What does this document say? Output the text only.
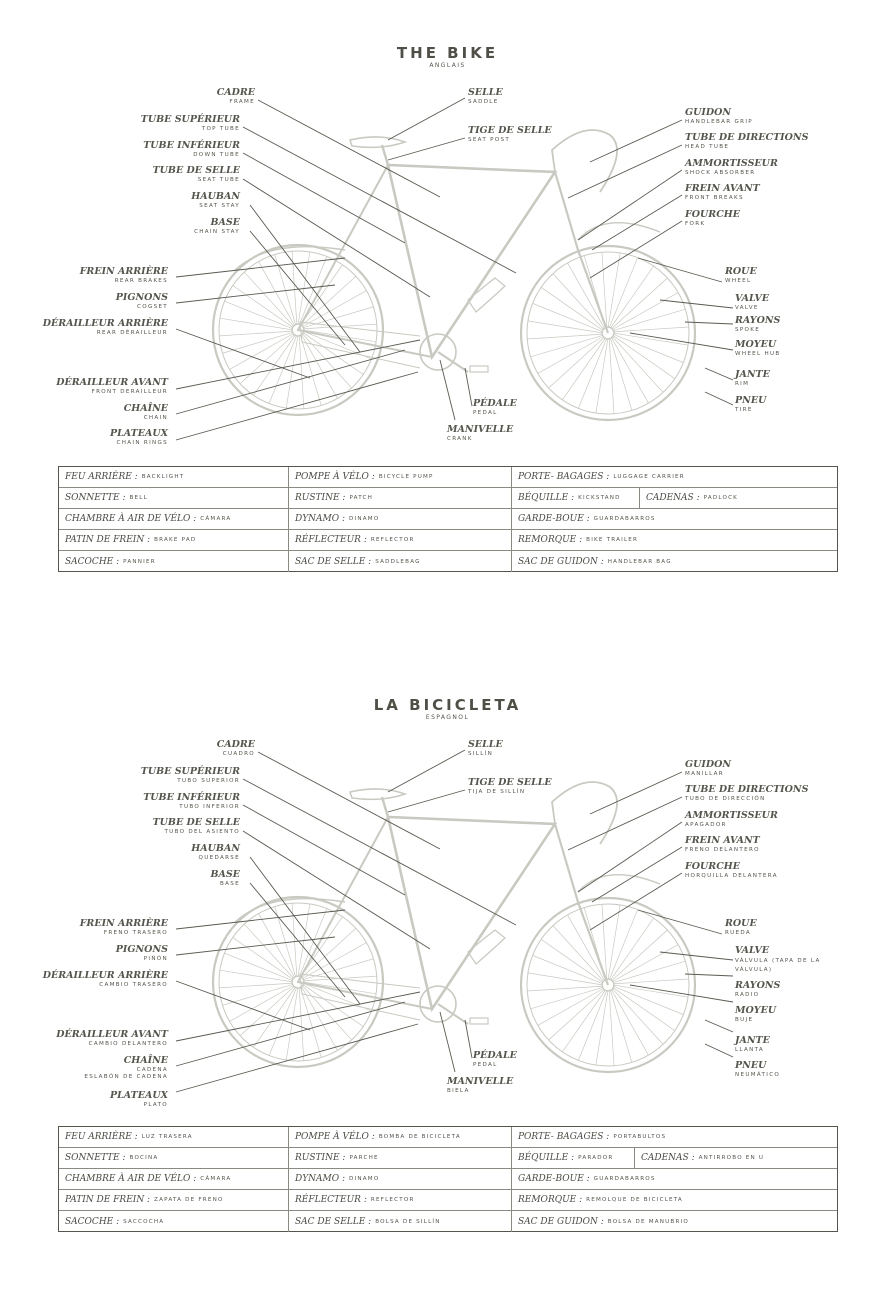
THE BIKE
ANGLAIS
CADRE
FRAME
TUBE SUPÉRIEUR
TOP TUBE
TUBE INFÉRIEUR
DOWN TUBE
TUBE DE SELLE
SEAT TUBE
HAUBAN
SEAT STAY
BASE
CHAIN STAY
FREIN ARRIÈRE
REAR BRAKES
PIGNONS
COGSET
DÉRAILLEUR ARRIÈRE
REAR DÉRAILLEUR
DÉRAILLEUR AVANT
FRONT DERAILLEUR
CHAÎNE
CHAIN
PLATEAUX
CHAIN RINGS
SELLE
SADDLE
TIGE DE SELLE
SEAT POST
PÉDALE
PEDAL
MANIVELLE
CRANK
GUIDON
HANDLEBAR GRIP
TUBE DE DIRECTIONS
HEAD TUBE
AMMORTISSEUR
SHOCK ABSORBER
FREIN AVANT
FRONT BREAKS
FOURCHE
FORK
ROUE
WHEEL
VALVE
VALVE
RAYONS
SPOKE
MOYEU
WHEEL HUB
JANTE
RIM
PNEU
TIRE
FEU ARRIÈRE : BACKLIGHT	POMPE À VÉLO : BICYCLE PUMP	PORTE- BAGAGES : LUGGAGE CARRIER
SONNETTE : BELL	RUSTINE : PATCH	BÉQUILLE : KICKSTAND	CADENAS : PADLOCK
CHAMBRE À AIR DE VÉLO : CÁMARA	DYNAMO : DINAMO	GARDE-BOUE : GUARDABARROS
PATIN DE FREIN : BRAKE PAD	RÉFLECTEUR : REFLECTOR	REMORQUE : BIKE TRAILER
SACOCHE : PANNIER	SAC DE SELLE : SADDLEBAG	SAC DE GUIDON : HANDLEBAR BAG
LA BICICLETA
ESPAGNOL
CADRE
CUADRO
TUBE SUPÉRIEUR
TUBO SUPERIOR
TUBE INFÉRIEUR
TUBO INFERIOR
TUBE DE SELLE
TUBO DEL ASIENTO
HAUBAN
QUEDARSE
BASE
BASE
FREIN ARRIÈRE
FRENO TRASERO
PIGNONS
PIÑÓN
DÉRAILLEUR ARRIÈRE
CAMBIO TRASERO
DÉRAILLEUR AVANT
CAMBIO DELANTERO
CHAÎNE
CADENA
ESLABÓN DE CADENA
PLATEAUX
PLATO
SELLE
SILLÍN
TIGE DE SELLE
TIJA DE SILLÍN
PÉDALE
PEDAL
MANIVELLE
BIELA
GUIDON
MANILLAR
TUBE DE DIRECTIONS
TUBO DE DIRECCIÓN
AMMORTISSEUR
APAGADOR
FREIN AVANT
FRENO DELANTERO
FOURCHE
HORQUILLA DELANTERA
ROUE
RUEDA
VALVE
VÁLVULA (TAPA DE LA VÁLVULA)
RAYONS
RADIO
MOYEU
BUJE
JANTE
LLANTA
PNEU
NEUMÁTICO
FEU ARRIÈRE : LUZ TRASERA	POMPE À VÉLO : BOMBA DE BICICLETA	PORTE- BAGAGES : PORTABULTOS
SONNETTE : BOCINA	RUSTINE : PARCHE	BÉQUILLE : PARADOR	CADENAS : ANTIRROBO EN U
CHAMBRE À AIR DE VÉLO : CÁMARA	DYNAMO : DINAMO	GARDE-BOUE : GUARDABARROS
PATIN DE FREIN : ZAPATA DE FRENO	RÉFLECTEUR : REFLECTOR	REMORQUE : REMOLQUE DE BICICLETA
SACOCHE : SACCOCHA	SAC DE SELLE : BOLSA DE SILLÍN	SAC DE GUIDON : BOLSA DE MANUBRIO
